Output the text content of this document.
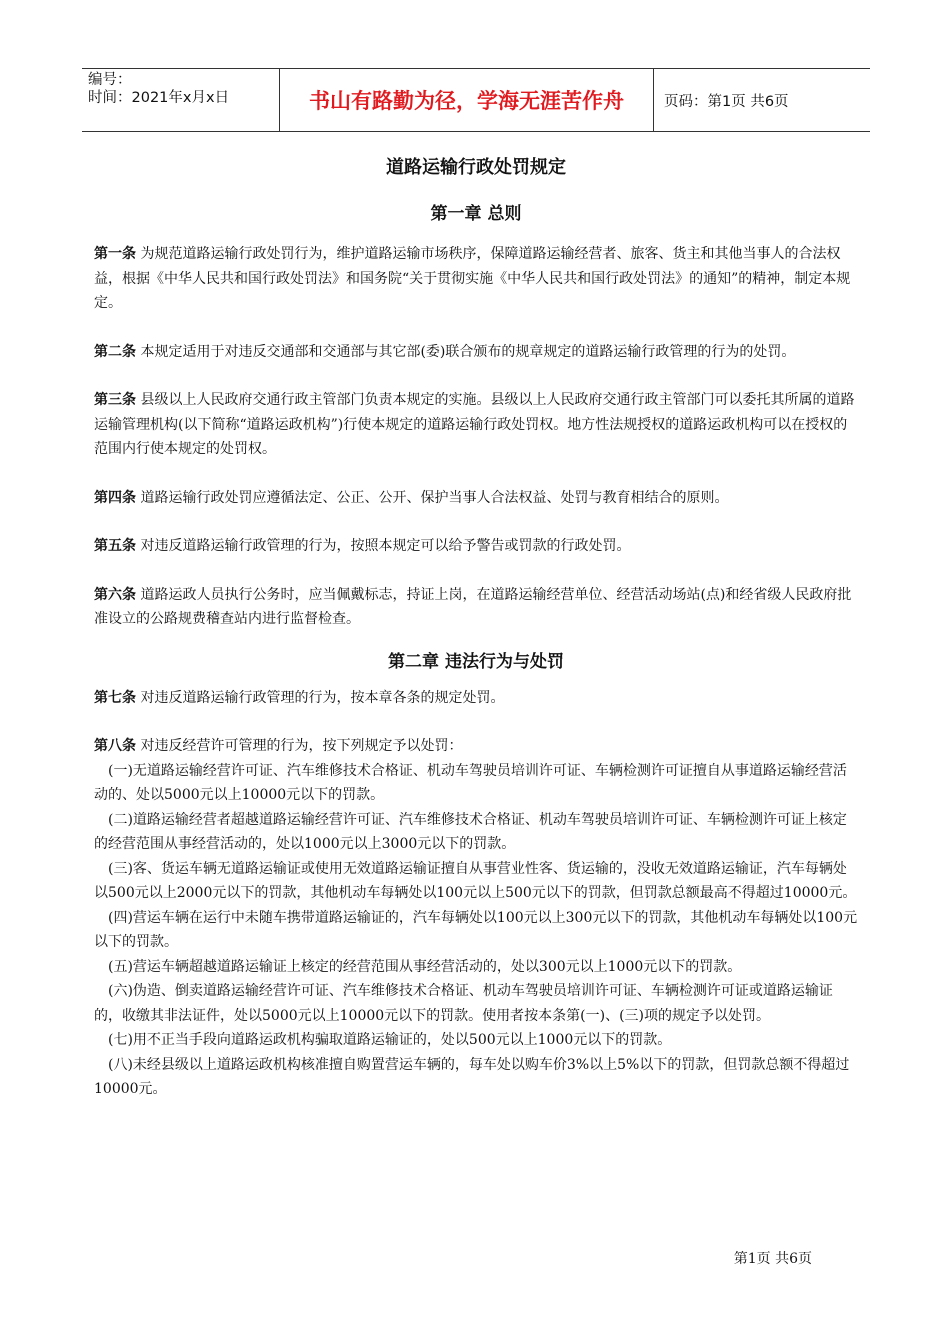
编号：
时间：2021年x月x日	书山有路勤为径，学海无涯苦作舟	页码：第1页 共6页
道路运输行政处罚规定
第一章 总则

第一条 为规范道路运输行政处罚行为，维护道路运输市场秩序，保障道路运输经营者、旅客、货主和其他当事人的合法权益，根据《中华人民共和国行政处罚法》和国务院“关于贯彻实施《中华人民共和国行政处罚法》的通知”的精神，制定本规定。

第二条 本规定适用于对违反交通部和交通部与其它部(委)联合颁布的规章规定的道路运输行政管理的行为的处罚。

第三条 县级以上人民政府交通行政主管部门负责本规定的实施。县级以上人民政府交通行政主管部门可以委托其所属的道路运输管理机构(以下简称“道路运政机构”)行使本规定的道路运输行政处罚权。地方性法规授权的道路运政机构可以在授权的范围内行使本规定的处罚权。

第四条 道路运输行政处罚应遵循法定、公正、公开、保护当事人合法权益、处罚与教育相结合的原则。

第五条 对违反道路运输行政管理的行为，按照本规定可以给予警告或罚款的行政处罚。

第六条 道路运政人员执行公务时，应当佩戴标志，持证上岗，在道路运输经营单位、经营活动场站(点)和经省级人民政府批准设立的公路规费稽查站内进行监督检查。

第二章 违法行为与处罚

第七条 对违反道路运输行政管理的行为，按本章各条的规定处罚。

第八条 对违反经营许可管理的行为，按下列规定予以处罚：

(一)无道路运输经营许可证、汽车维修技术合格证、机动车驾驶员培训许可证、车辆检测许可证擅自从事道路运输经营活动的、处以5000元以上10000元以下的罚款。

(二)道路运输经营者超越道路运输经营许可证、汽车维修技术合格证、机动车驾驶员培训许可证、车辆检测许可证上核定的经营范围从事经营活动的，处以1000元以上3000元以下的罚款。

(三)客、货运车辆无道路运输证或使用无效道路运输证擅自从事营业性客、货运输的，没收无效道路运输证，汽车每辆处以500元以上2000元以下的罚款，其他机动车每辆处以100元以上500元以下的罚款，但罚款总额最高不得超过10000元。

(四)营运车辆在运行中未随车携带道路运输证的，汽车每辆处以100元以上300元以下的罚款，其他机动车每辆处以100元以下的罚款。

(五)营运车辆超越道路运输证上核定的经营范围从事经营活动的，处以300元以上1000元以下的罚款。

(六)伪造、倒卖道路运输经营许可证、汽车维修技术合格证、机动车驾驶员培训许可证、车辆检测许可证或道路运输证的，收缴其非法证件，处以5000元以上10000元以下的罚款。使用者按本条第(一)、(三)项的规定予以处罚。

(七)用不正当手段向道路运政机构骗取道路运输证的，处以500元以上1000元以下的罚款。

(八)未经县级以上道路运政机构核准擅自购置营运车辆的，每车处以购车价3%以上5%以下的罚款，但罚款总额不得超过10000元。

第1页 共6页
